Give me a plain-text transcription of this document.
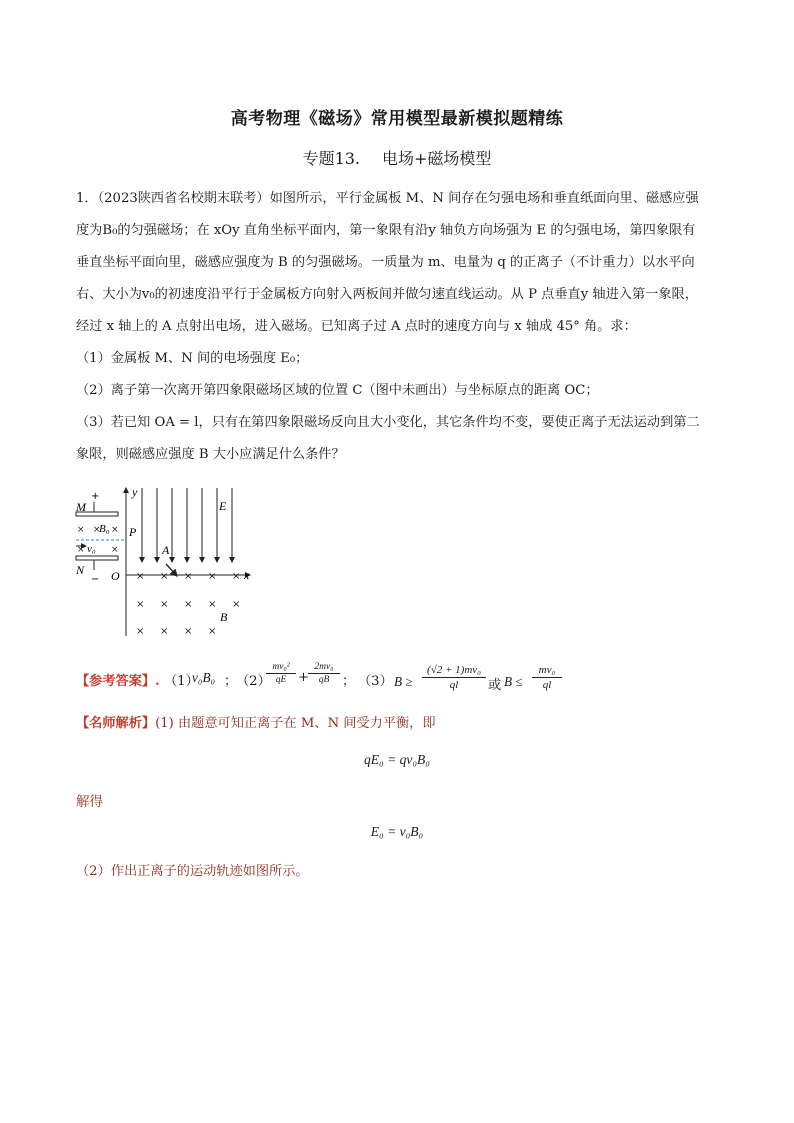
高考物理《磁场》常用模型最新模拟题精练
专题13. 电场+磁场模型

1．（2023陕西省名校期末联考）如图所示，平行金属板 M、N 间存在匀强电场和垂直纸面向里、磁感应强

度为B₀的匀强磁场；在 xOy 直角坐标平面内，第一象限有沿y 轴负方向场强为 E 的匀强电场，第四象限有

垂直坐标平面向里，磁感应强度为 B 的匀强磁场。一质量为 m、电量为 q 的正离子（不计重力）以水平向

右、大小为v₀的初速度沿平行于金属板方向射入两板间并做匀速直线运动。从 P 点垂直y 轴进入第一象限，

经过 x 轴上的 A 点射出电场，进入磁场。已知离子过 A 点时的速度方向与 x 轴成 45° 角。求：

（1）金属板 M、N 间的电场强度 E₀；

（2）离子第一次离开第四象限磁场区域的位置 C（图中未画出）与坐标原点的距离 OC；

（3）若已知 OA = l，只有在第四象限磁场反向且大小变化，其它条件均不变，要使正离子无法运动到第二

象限，则磁感应强度 B 大小应满足什么条件？

y
x
O
P
A
E
B
× × × × ×
× × × × ×
× × × ×
+
−
M
N
× × ×
×	×
B₀
v₀
【参考答案】. （1）
v₀B₀ ；
（2）
$\frac{\text{mv₀²}}{qE}$ +
$\frac{\text{2mv₀}}{qB}$ ； （3） $B \ge \frac{\text{(√2 + 1)mv₀}}{ql}$ 或 $B \le \frac{\text{mv₀}}{ql}$
【名师解析】(1) 由题意可知正离子在 M、N 间受力平衡，即
qE₀ = qv₀B₀
解得
E₀ = v₀B₀
（2）作出正离子的运动轨迹如图所示。
